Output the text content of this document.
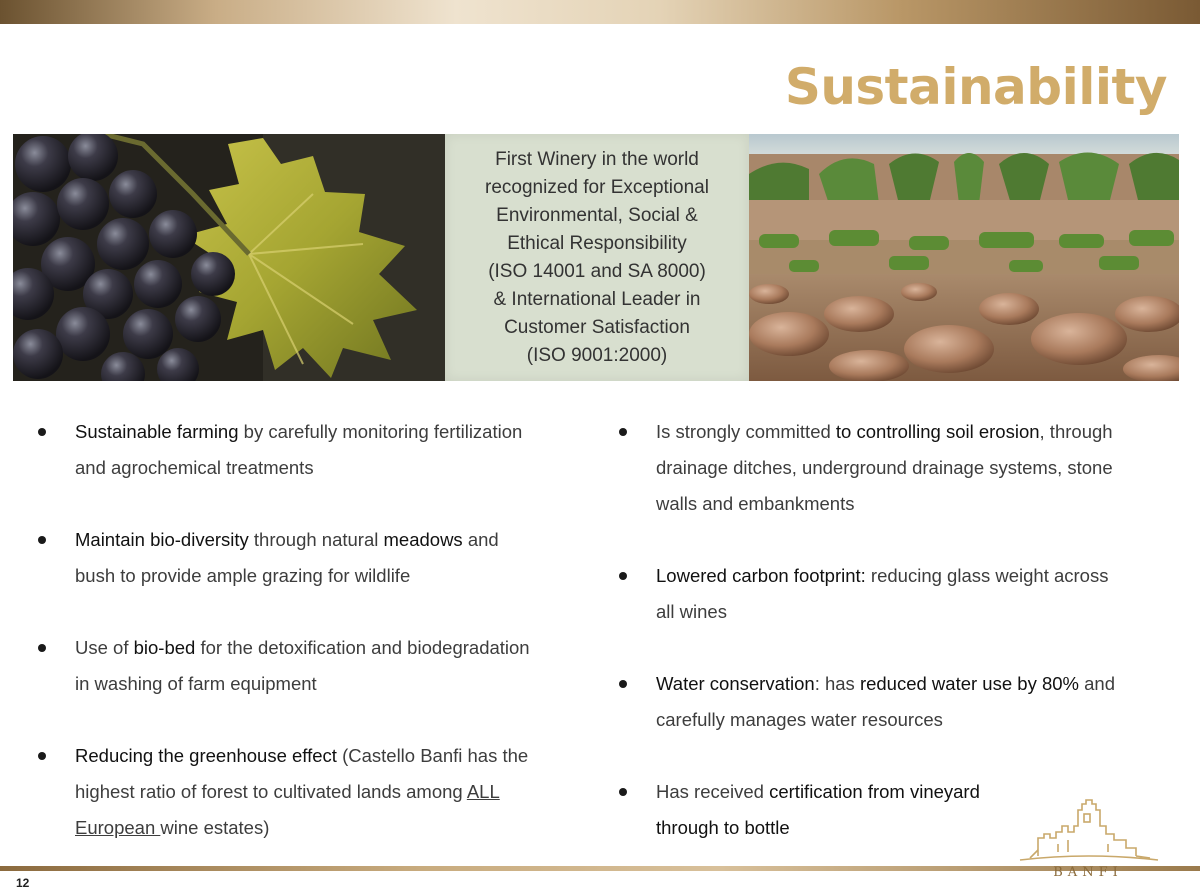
Sustainability
First Winery in the world
recognized for Exceptional
Environmental, Social &
Ethical Responsibility
(ISO 14001 and SA 8000)
& International Leader in
Customer Satisfaction
(ISO 9001:2000)
Sustainable farming by carefully monitoring fertilization
and agrochemical treatments
Maintain bio-diversity through natural meadows and
bush to provide ample grazing for wildlife
Use of bio-bed for the detoxification and biodegradation
in washing of farm equipment
Reducing the greenhouse effect (Castello Banfi has the
highest ratio of forest to cultivated lands among ALL
European wine estates)
Is strongly committed to controlling soil erosion, through
drainage ditches, underground drainage systems, stone
walls and embankments
Lowered carbon footprint: reducing glass weight across
all wines
Water conservation: has reduced water use by 80% and
carefully manages water resources
Has received certification from vineyard
through to bottle
BANFI
12
